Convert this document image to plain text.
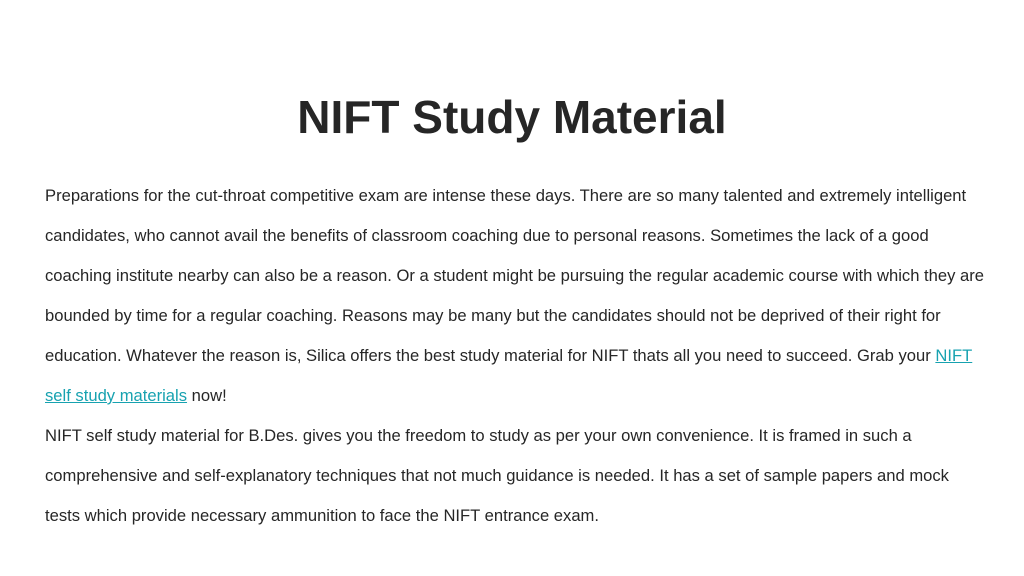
NIFT Study Material

Preparations for the cut-throat competitive exam are intense these days. There are so many talented and extremely intelligent candidates, who cannot avail the benefits of classroom coaching due to personal reasons. Sometimes the lack of a good coaching institute nearby can also be a reason. Or a student might be pursuing the regular academic course with which they are bounded by time for a regular coaching. Reasons may be many but the candidates should not be deprived of their right for education. Whatever the reason is, Silica offers the best study material for NIFT thats all you need to succeed. Grab your NIFT self study materials now!

NIFT self study material for B.Des. gives you the freedom to study as per your own convenience. It is framed in such a comprehensive and self-explanatory techniques that not much guidance is needed. It has a set of sample papers and mock tests which provide necessary ammunition to face the NIFT entrance exam.
